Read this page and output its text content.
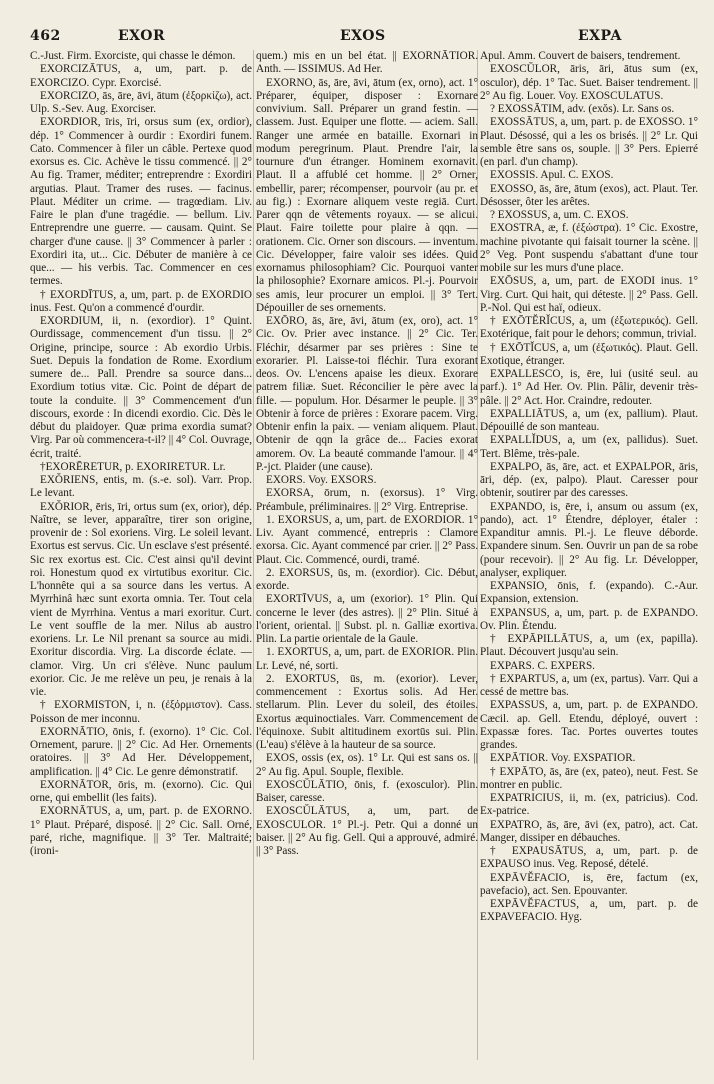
462	EXOR	EXOS	EXPA

C.-Just. Firm. Exorciste, qui chasse le démon.

EXORCIZĀTUS, a, um, part. p. de EXORCIZO. Cypr. Exorcisé.

EXORCIZO, ās, āre, āvi, ātum (ἐξορκίζω), act. Ulp. S.-Sev. Aug. Exorciser.

EXORDIOR, īris, īri, orsus sum (ex, ordior), dép. 1° Commencer à ourdir : Exordiri funem. Cato. Commencer à filer un câble. Pertexe quod exorsus es. Cic. Achève le tissu commencé. || 2° Au fig. Tramer, méditer; entreprendre : Exordiri argutias. Plaut. Tramer des ruses. — facinus. Plaut. Méditer un crime. — tragœdiam. Liv. Faire le plan d'une tragédie. — bellum. Liv. Entreprendre une guerre. — causam. Quint. Se charger d'une cause. || 3° Commencer à parler : Exordiri ita, ut... Cic. Débuter de manière à ce que... — his verbis. Tac. Commencer en ces termes.

† EXORDĪTUS, a, um, part. p. de EXORDIO inus. Fest. Qu'on a commencé d'ourdir.

EXORDIUM, ii, n. (exordior). 1° Quint. Ourdissage, commencement d'un tissu. || 2° Origine, principe, source : Ab exordio Urbis. Suet. Depuis la fondation de Rome. Exordium sumere de... Pall. Prendre sa source dans... Exordium totius vitæ. Cic. Point de départ de toute la conduite. || 3° Commencement d'un discours, exorde : In dicendi exordio. Cic. Dès le début du plaidoyer. Quæ prima exordia sumat? Virg. Par où commencera-t-il? || 4° Col. Ouvrage, écrit, traité.

†EXORĒRETUR, p. EXORIRETUR. Lr.

EXŎRIENS, entis, m. (s.-e. sol). Varr. Prop. Le levant.

EXŎRIOR, ēris, īri, ortus sum (ex, orior), dép. Naître, se lever, apparaître, tirer son origine, provenir de : Sol exoriens. Virg. Le soleil levant. Exortus est servus. Cic. Un esclave s'est présenté. Sic rex exortus est. Cic. C'est ainsi qu'il devint roi. Honestum quod ex virtutibus exoritur. Cic. L'honnête qui a sa source dans les vertus. A Myrrhinâ hæc sunt exorta omnia. Ter. Tout cela vient de Myrrhina. Ventus a mari exoritur. Curt. Le vent souffle de la mer. Nilus ab austro exoriens. Lr. Le Nil prenant sa source au midi. Exoritur discordia. Virg. La discorde éclate. — clamor. Virg. Un cri s'élève. Nunc paulum exorior. Cic. Je me relève un peu, je renais à la vie.

† EXORMISTON, i, n. (ἐξόρμιστον). Cass. Poisson de mer inconnu.

EXORNĀTIO, ōnis, f. (exorno). 1° Cic. Col. Ornement, parure. || 2° Cic. Ad Her. Ornements oratoires. || 3° Ad Her. Développement, amplification. || 4° Cic. Le genre démonstratif.

EXORNĀTOR, ōris, m. (exorno). Cic. Qui orne, qui embellit (les faits).

EXORNĀTUS, a, um, part. p. de EXORNO. 1° Plaut. Préparé, disposé. || 2° Cic. Sall. Orné, paré, riche, magnifique. || 3° Ter. Maltraité; (ironi-

quem.) mis en un bel état. || EXORNĀTIOR. Anth. — ISSIMUS. Ad Her.

EXORNO, ās, āre, āvi, ātum (ex, orno), act. 1° Préparer, équiper, disposer : Exornare convivium. Sall. Préparer un grand festin. — classem. Just. Equiper une flotte. — aciem. Sall. Ranger une armée en bataille. Exornari in modum peregrinum. Plaut. Prendre l'air, la tournure d'un étranger. Hominem exornavit. Plaut. Il a affublé cet homme. || 2° Orner, embellir, parer; récompenser, pourvoir (au pr. et au fig.) : Exornare aliquem veste regiā. Curt. Parer qqn de vêtements royaux. — se alicui. Plaut. Faire toilette pour plaire à qqn. — orationem. Cic. Orner son discours. — inventum. Cic. Développer, faire valoir ses idées. Quid exornamus philosophiam? Cic. Pourquoi vanter la philosophie? Exornare amicos. Pl.-j. Pourvoir ses amis, leur procurer un emploi. || 3° Tert. Dépouiller de ses ornements.

EXŌRO, ās, āre, āvi, ātum (ex, oro), act. 1° Cic. Ov. Prier avec instance. || 2° Cic. Ter. Fléchir, désarmer par ses prières : Sine te exorarier. Pl. Laisse-toi fléchir. Tura exorant deos. Ov. L'encens apaise les dieux. Exorare patrem filiæ. Suet. Réconcilier le père avec la fille. — populum. Hor. Désarmer le peuple. || 3° Obtenir à force de prières : Exorare pacem. Virg. Obtenir enfin la paix. — veniam aliquem. Plaut. Obtenir de qqn la grâce de... Facies exorat amorem. Ov. La beauté commande l'amour. || 4° P.-jct. Plaider (une cause).

EXORS. Voy. EXSORS.

EXORSA, ōrum, n. (exorsus). 1° Virg. Préambule, préliminaires. || 2° Virg. Entreprise.

1. EXORSUS, a, um, part. de EXORDIOR. 1° Liv. Ayant commencé, entrepris : Clamore exorsa. Cic. Ayant commencé par crier. || 2° Pass. Plaut. Cic. Commencé, ourdi, tramé.

2. EXORSUS, ūs, m. (exordior). Cic. Début, exorde.

EXORTĪVUS, a, um (exorior). 1° Plin. Qui concerne le lever (des astres). || 2° Plin. Situé à l'orient, oriental. || Subst. pl. n. Galliæ exortiva. Plin. La partie orientale de la Gaule.

1. EXORTUS, a, um, part. de EXORIOR. Plin. Lr. Levé, né, sorti.

2. EXORTUS, ūs, m. (exorior). Lever, commencement : Exortus solis. Ad Her. stellarum. Plin. Lever du soleil, des étoiles. Exortus æquinoctiales. Varr. Commencement de l'équinoxe. Subit altitudinem exortūs sui. Plin. (L'eau) s'élève à la hauteur de sa source.

EXOS, ossis (ex, os). 1° Lr. Qui est sans os. || 2° Au fig. Apul. Souple, flexible.

EXOSCŬLĀTIO, ōnis, f. (exosculor). Plin. Baiser, caresse.

EXOSCŬLĀTUS, a, um, part. de EXOSCULOR. 1° Pl.-j. Petr. Qui a donné un baiser. || 2° Au fig. Gell. Qui a approuvé, admiré. || 3° Pass.

Apul. Amm. Couvert de baisers, tendrement.

EXOSCŬLOR, āris, āri, ātus sum (ex, osculor), dép. 1° Tac. Suet. Baiser tendrement. || 2° Au fig. Louer. Voy. EXOSCULATUS.

? EXOSSĀTIM, adv. (exŏs). Lr. Sans os.

EXOSSĀTUS, a, um, part. p. de EXOSSO. 1° Plaut. Désossé, qui a les os brisés. || 2° Lr. Qui semble être sans os, souple. || 3° Pers. Epierré (en parl. d'un champ).

EXOSSIS. Apul. C. EXOS.

EXOSSO, ās, āre, ātum (exos), act. Plaut. Ter. Désosser, ôter les arêtes.

? EXOSSUS, a, um. C. EXOS.

EXOSTRA, æ, f. (ἐξώστρα). 1° Cic. Exostre, machine pivotante qui faisait tourner la scène. || 2° Veg. Pont suspendu s'abattant d'une tour mobile sur les murs d'une place.

EXŌSUS, a, um, part. de EXODI inus. 1° Virg. Curt. Qui hait, qui déteste. || 2° Pass. Gell. P.-Nol. Qui est haï, odieux.

† EXŌTĔRĬCUS, a, um (ἐξωτερικός). Gell. Exotérique, fait pour le dehors; commun, trivial.

† EXŌTĬCUS, a, um (ἐξωτικός). Plaut. Gell. Exotique, étranger.

EXPALLESCO, is, ēre, lui (usité seul. au parf.). 1° Ad Her. Ov. Plin. Pâlir, devenir très-pâle. || 2° Act. Hor. Craindre, redouter.

EXPALLIĀTUS, a, um (ex, pallium). Plaut. Dépouillé de son manteau.

EXPALLĬDUS, a, um (ex, pallidus). Suet. Tert. Blême, très-pale.

EXPALPO, ās, āre, act. et EXPALPOR, āris, āri, dép. (ex, palpo). Plaut. Caresser pour obtenir, soutirer par des caresses.

EXPANDO, is, ēre, i, ansum ou assum (ex, pando), act. 1° Étendre, déployer, étaler : Expanditur amnis. Pl.-j. Le fleuve déborde. Expandere sinum. Sen. Ouvrir un pan de sa robe (pour recevoir). || 2° Au fig. Lr. Développer, analyser, expliquer.

EXPANSIO, ōnis, f. (expando). C.-Aur. Expansion, extension.

EXPANSUS, a, um, part. p. de EXPANDO. Ov. Plin. Étendu.

† EXPĀPILLĀTUS, a, um (ex, papilla). Plaut. Découvert jusqu'au sein.

EXPARS. C. EXPERS.

† EXPARTUS, a, um (ex, partus). Varr. Qui a cessé de mettre bas.

EXPASSUS, a, um, part. p. de EXPANDO. Cæcil. ap. Gell. Etendu, déployé, ouvert : Expassæ fores. Tac. Portes ouvertes toutes grandes.

EXPĀTIOR. Voy. EXSPATIOR.

† EXPĀTO, ās, āre (ex, pateo), neut. Fest. Se montrer en public.

EXPATRICIUS, ii, m. (ex, patricius). Cod. Ex-patrice.

EXPATRO, ās, āre, āvi (ex, patro), act. Cat. Manger, dissiper en débauches.

† EXPAUSĀTUS, a, um, part. p. de EXPAUSO inus. Veg. Reposé, dételé.

EXPĀVĔFACIO, is, ēre, factum (ex, pavefacio), act. Sen. Epouvanter.

EXPĀVĔFACTUS, a, um, part. p. de EXPAVEFACIO. Hyg.
